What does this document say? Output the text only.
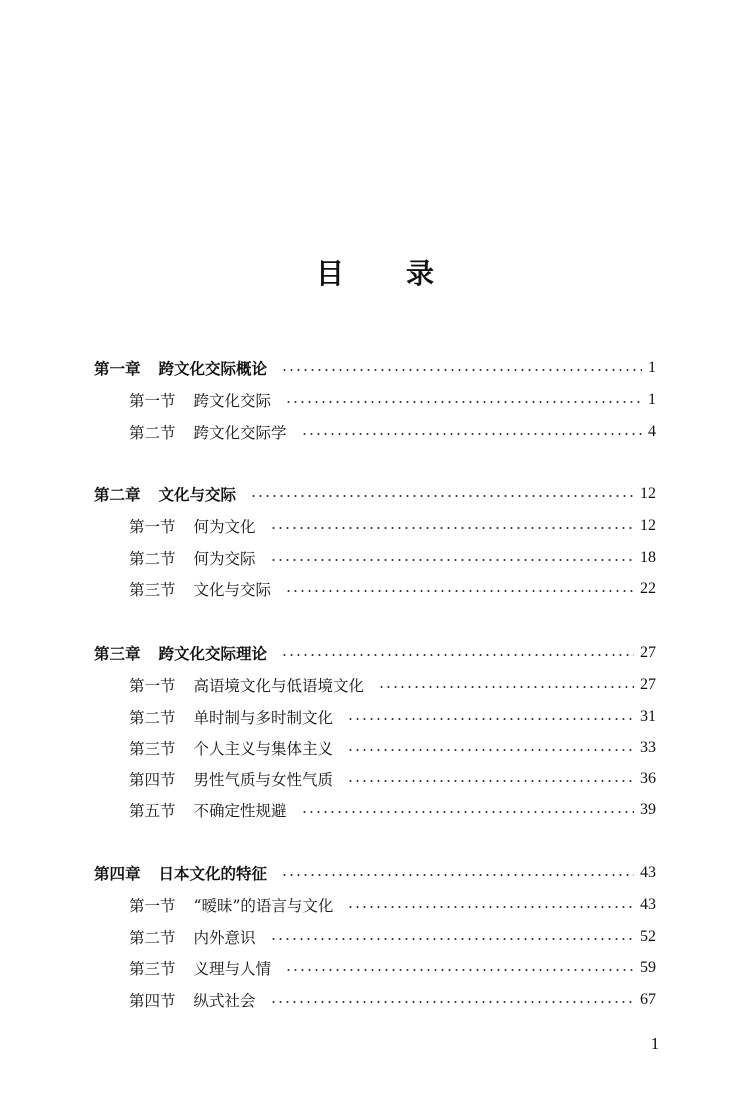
目 录
第一章 跨文化交际概论	1
第一节 跨文化交际	1
第二节 跨文化交际学	4
第二章 文化与交际	12
第一节 何为文化	12
第二节 何为交际	18
第三节 文化与交际	22
第三章 跨文化交际理论	27
第一节 高语境文化与低语境文化	27
第二节 单时制与多时制文化	31
第三节 个人主义与集体主义	33
第四节 男性气质与女性气质	36
第五节 不确定性规避	39
第四章 日本文化的特征	43
第一节 “暧昧”的语言与文化	43
第二节 内外意识	52
第三节 义理与人情	59
第四节 纵式社会	67
1
